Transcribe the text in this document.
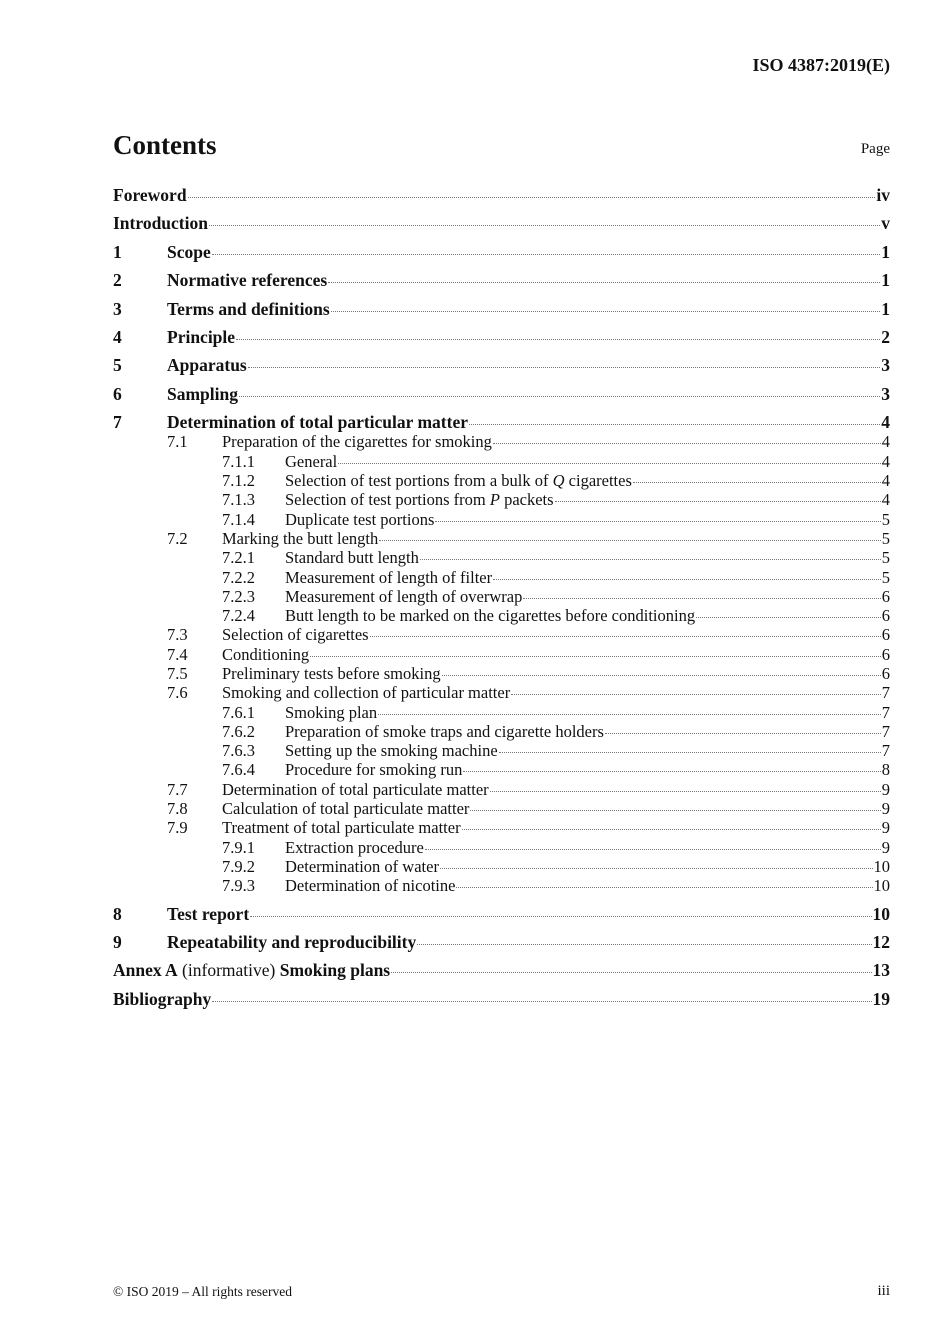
ISO 4387:2019(E)
Contents	Page
Foreword	iv
Introduction	v
1	Scope	1
2	Normative references	1
3	Terms and definitions	1
4	Principle	2
5	Apparatus	3
6	Sampling	3
7	Determination of total particular matter	4
7.1	Preparation of the cigarettes for smoking	4
7.1.1	General	4
7.1.2	Selection of test portions from a bulk of Q cigarettes	4
7.1.3	Selection of test portions from P packets	4
7.1.4	Duplicate test portions	5
7.2	Marking the butt length	5
7.2.1	Standard butt length	5
7.2.2	Measurement of length of filter	5
7.2.3	Measurement of length of overwrap	6
7.2.4	Butt length to be marked on the cigarettes before conditioning	6
7.3	Selection of cigarettes	6
7.4	Conditioning	6
7.5	Preliminary tests before smoking	6
7.6	Smoking and collection of particular matter	7
7.6.1	Smoking plan	7
7.6.2	Preparation of smoke traps and cigarette holders	7
7.6.3	Setting up the smoking machine	7
7.6.4	Procedure for smoking run	8
7.7	Determination of total particulate matter	9
7.8	Calculation of total particulate matter	9
7.9	Treatment of total particulate matter	9
7.9.1	Extraction procedure	9
7.9.2	Determination of water	10
7.9.3	Determination of nicotine	10
8	Test report	10
9	Repeatability and reproducibility	12
Annex A (informative) Smoking plans	13
Bibliography	19
© ISO 2019 – All rights reserved	iii
